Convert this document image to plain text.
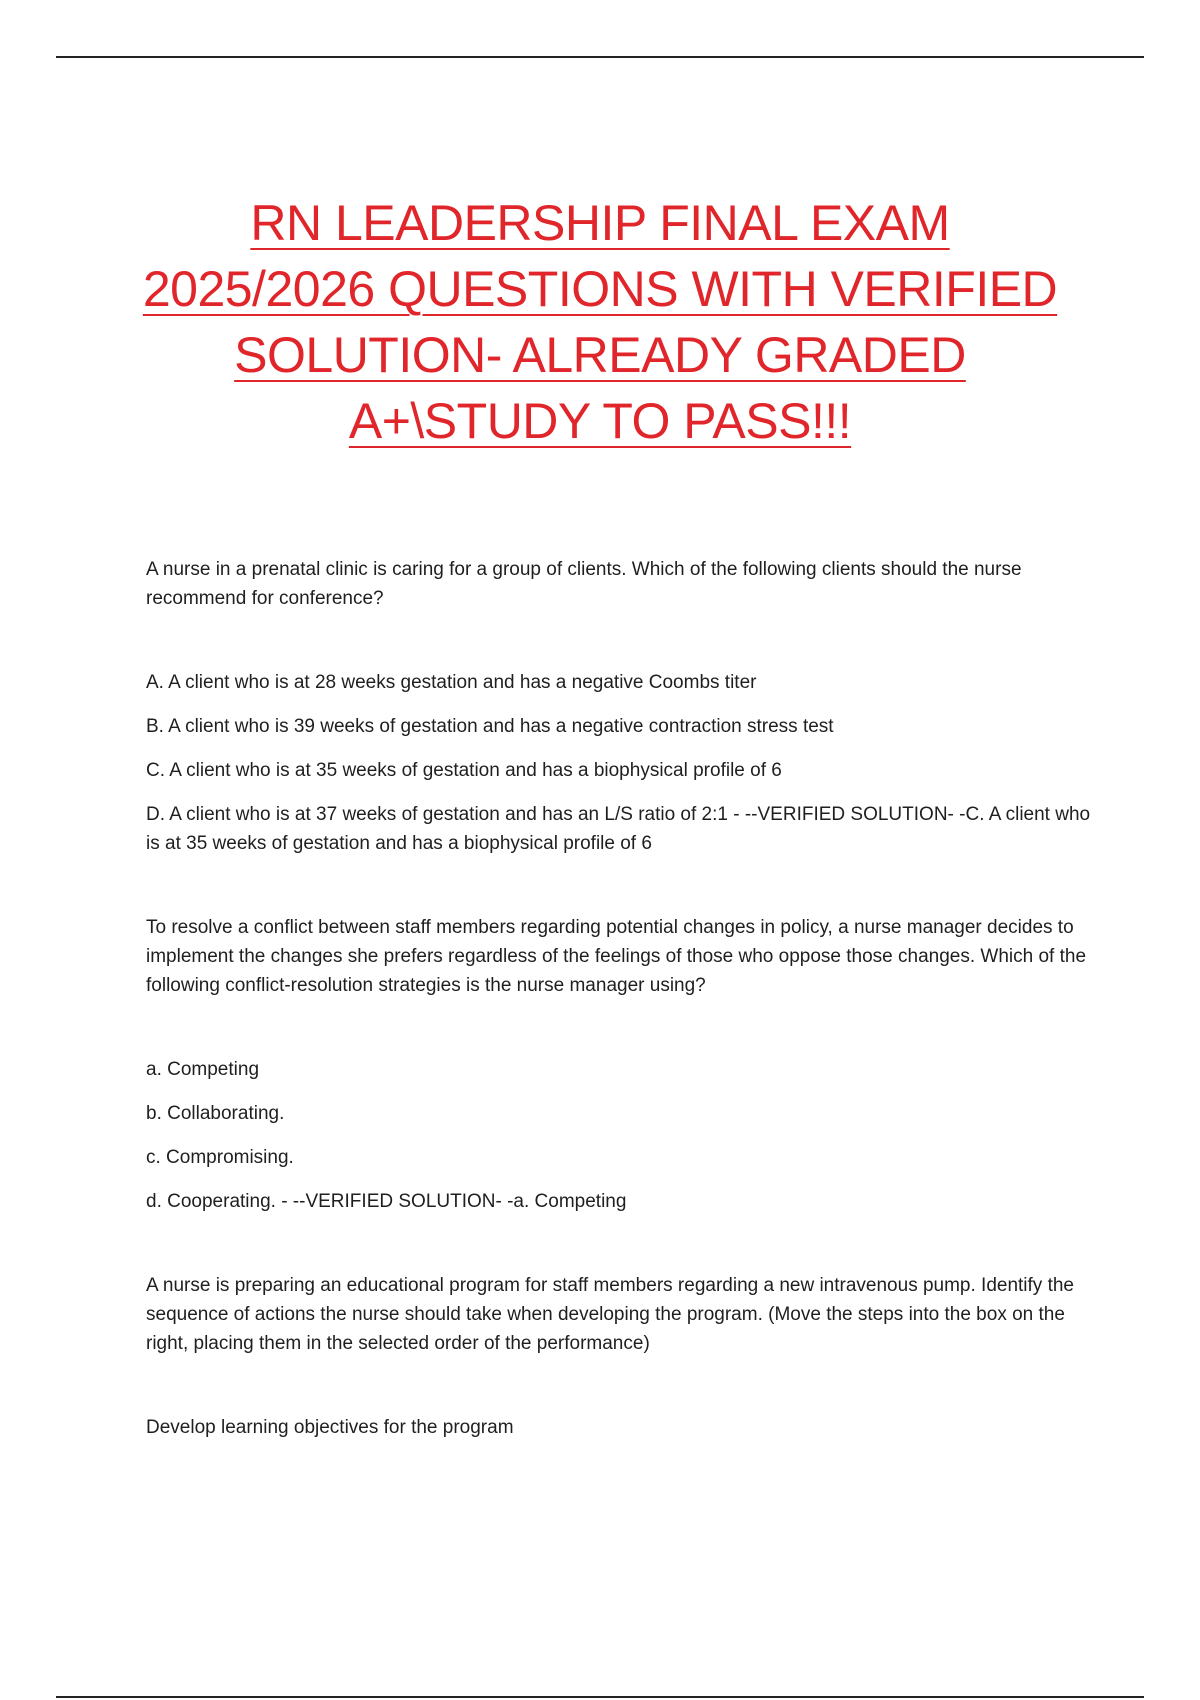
RN LEADERSHIP FINAL EXAM
2025/2026 QUESTIONS WITH VERIFIED
SOLUTION- ALREADY GRADED
A+\STUDY TO PASS!!!

A nurse in a prenatal clinic is caring for a group of clients. Which of the following clients should the nurse recommend for conference?

A. A client who is at 28 weeks gestation and has a negative Coombs titer

B. A client who is 39 weeks of gestation and has a negative contraction stress test

C. A client who is at 35 weeks of gestation and has a biophysical profile of 6

D. A client who is at 37 weeks of gestation and has an L/S ratio of 2:1 - --VERIFIED SOLUTION- -C. A client who is at 35 weeks of gestation and has a biophysical profile of 6

To resolve a conflict between staff members regarding potential changes in policy, a nurse manager decides to implement the changes she prefers regardless of the feelings of those who oppose those changes. Which of the following conflict-resolution strategies is the nurse manager using?

a. Competing

b. Collaborating.

c. Compromising.

d. Cooperating. - --VERIFIED SOLUTION- -a. Competing

A nurse is preparing an educational program for staff members regarding a new intravenous pump. Identify the sequence of actions the nurse should take when developing the program. (Move the steps into the box on the right, placing them in the selected order of the performance)

Develop learning objectives for the program
